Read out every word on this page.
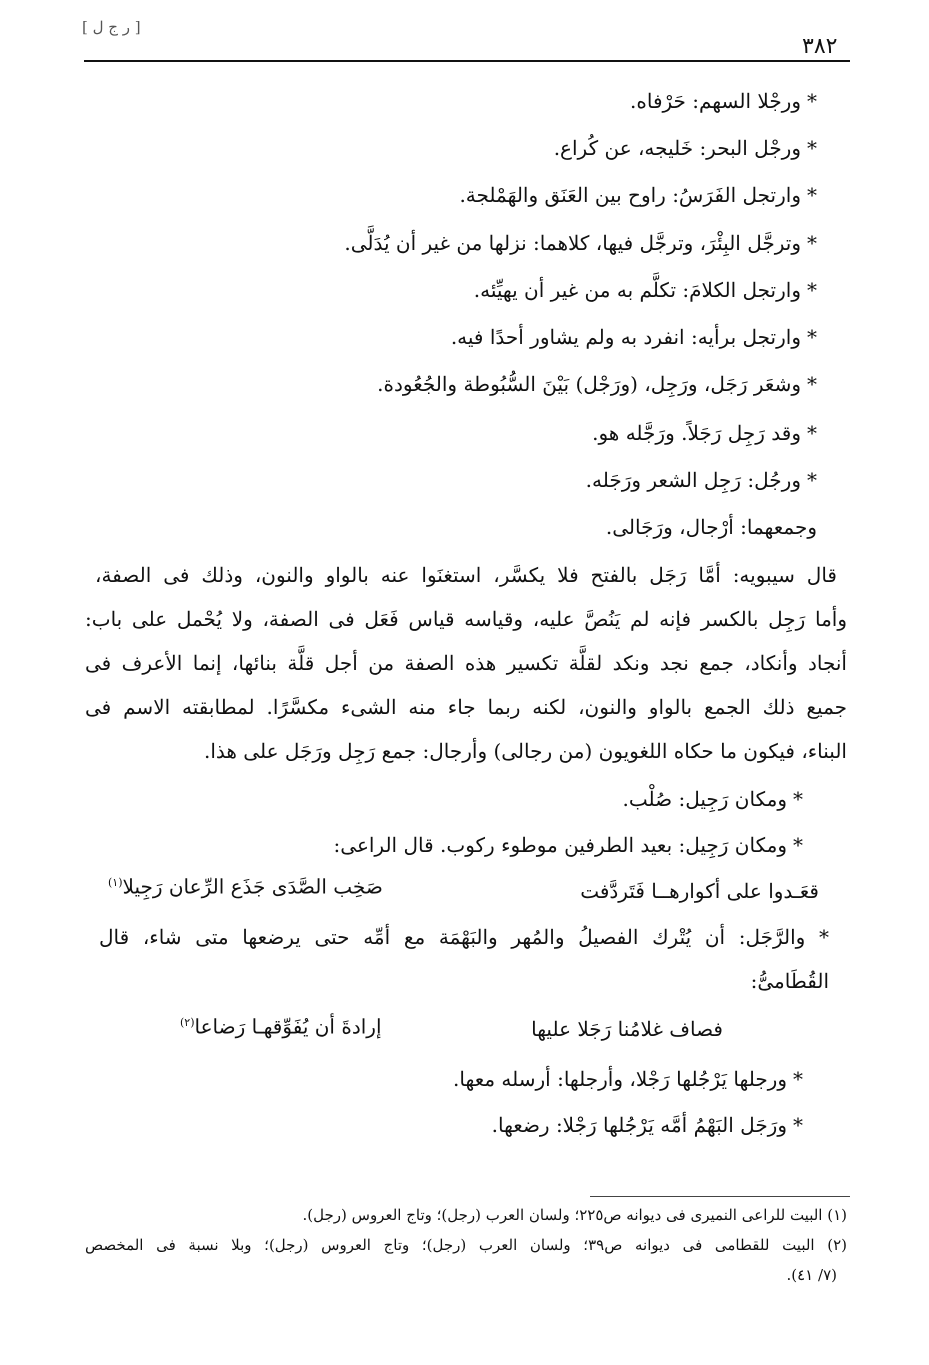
[ ر ج ل ]
٣٨٢
*ورجْلا السهم: حَرْفاه.
*ورجْل البحر: خَليجه، عن كُراع.
*وارتجل الفَرَسُ: راوح بين العَنَق والهَمْلجة.
*وترجَّل البِئْرَ، وترجَّل فيها، كلاهما: نزلها من غير أن يُدَلَّى.
*وارتجل الكلامَ: تكلَّم به من غير أن يهيِّئه.
*وارتجل برأيه: انفرد به ولم يشاور أحدًا فيه.
*وشعَر رَجَل، ورَجِل، (ورَجْل) بَيْنَ السُّبُوطة والجُعُودة.
*وقد رَجِل رَجَلاً. ورَجَّله هو.
*ورجُل: رَجِل الشعر ورَجَله.
وجمعهما: أرْجال، ورَجَالى.
قال سيبويه: أمَّا رَجَل بالفتح فلا يكسَّر، استغنَوا عنه بالواو والنون، وذلك فى الصفة،
وأما رَجِل بالكسر فإنه لم يَنُصَّ عليه، وقياسه قياس فَعَل فى الصفة، ولا يُحْمل على باب:
أنجاد وأنكاد، جمع نجد ونكد لقلَّة تكسير هذه الصفة من أجل قلَّة بنائها، إنما الأعرف فى
جميع ذلك الجمع بالواو والنون، لكنه ربما جاء منه الشىء مكسَّرًا. لمطابقته الاسم فى
البناء، فيكون ما حكاه اللغويون (من رجالى) وأرجال: جمع رَجِل ورَجَل على هذا.
*ومكان رَجِيل: صُلْب.
*ومكان رَجِيل: بعيد الطرفين موطوء ركوب. قال الراعى:
قعَـدوا على أكوارهــا فَتَردَّفت
صَخِب الصَّدَى جَذَع الرِّعان رَجِيلا$^{(١)}$
* والرَّجَل: أن يُتْرك الفصيلُ والمُهر والبَهْمَة مع أمِّه حتى يرضعها متى شاء، قال
القُطَامىُّ:
فصاف غلامُنا رَجَلا عليها
إرادةَ أن يُفَوِّقهـا رَضاعا$^{(٢)}$
*ورجلها يَرْجُلها رَجْلا، وأرجلها: أرسله معها.
*ورَجَل البَهْمُ أمَّه يَرْجُلها رَجْلا: رضعها.
(١) البيت للراعى النميرى فى ديوانه ص٢٢٥؛ ولسان العرب (رجل)؛ وتاج العروس (رجل).
(٢) البيت للقطامى فى ديوانه ص٣٩؛ ولسان العرب (رجل)؛ وتاج العروس (رجل)؛ وبلا نسبة فى المخصص
(٧/ ٤١).
